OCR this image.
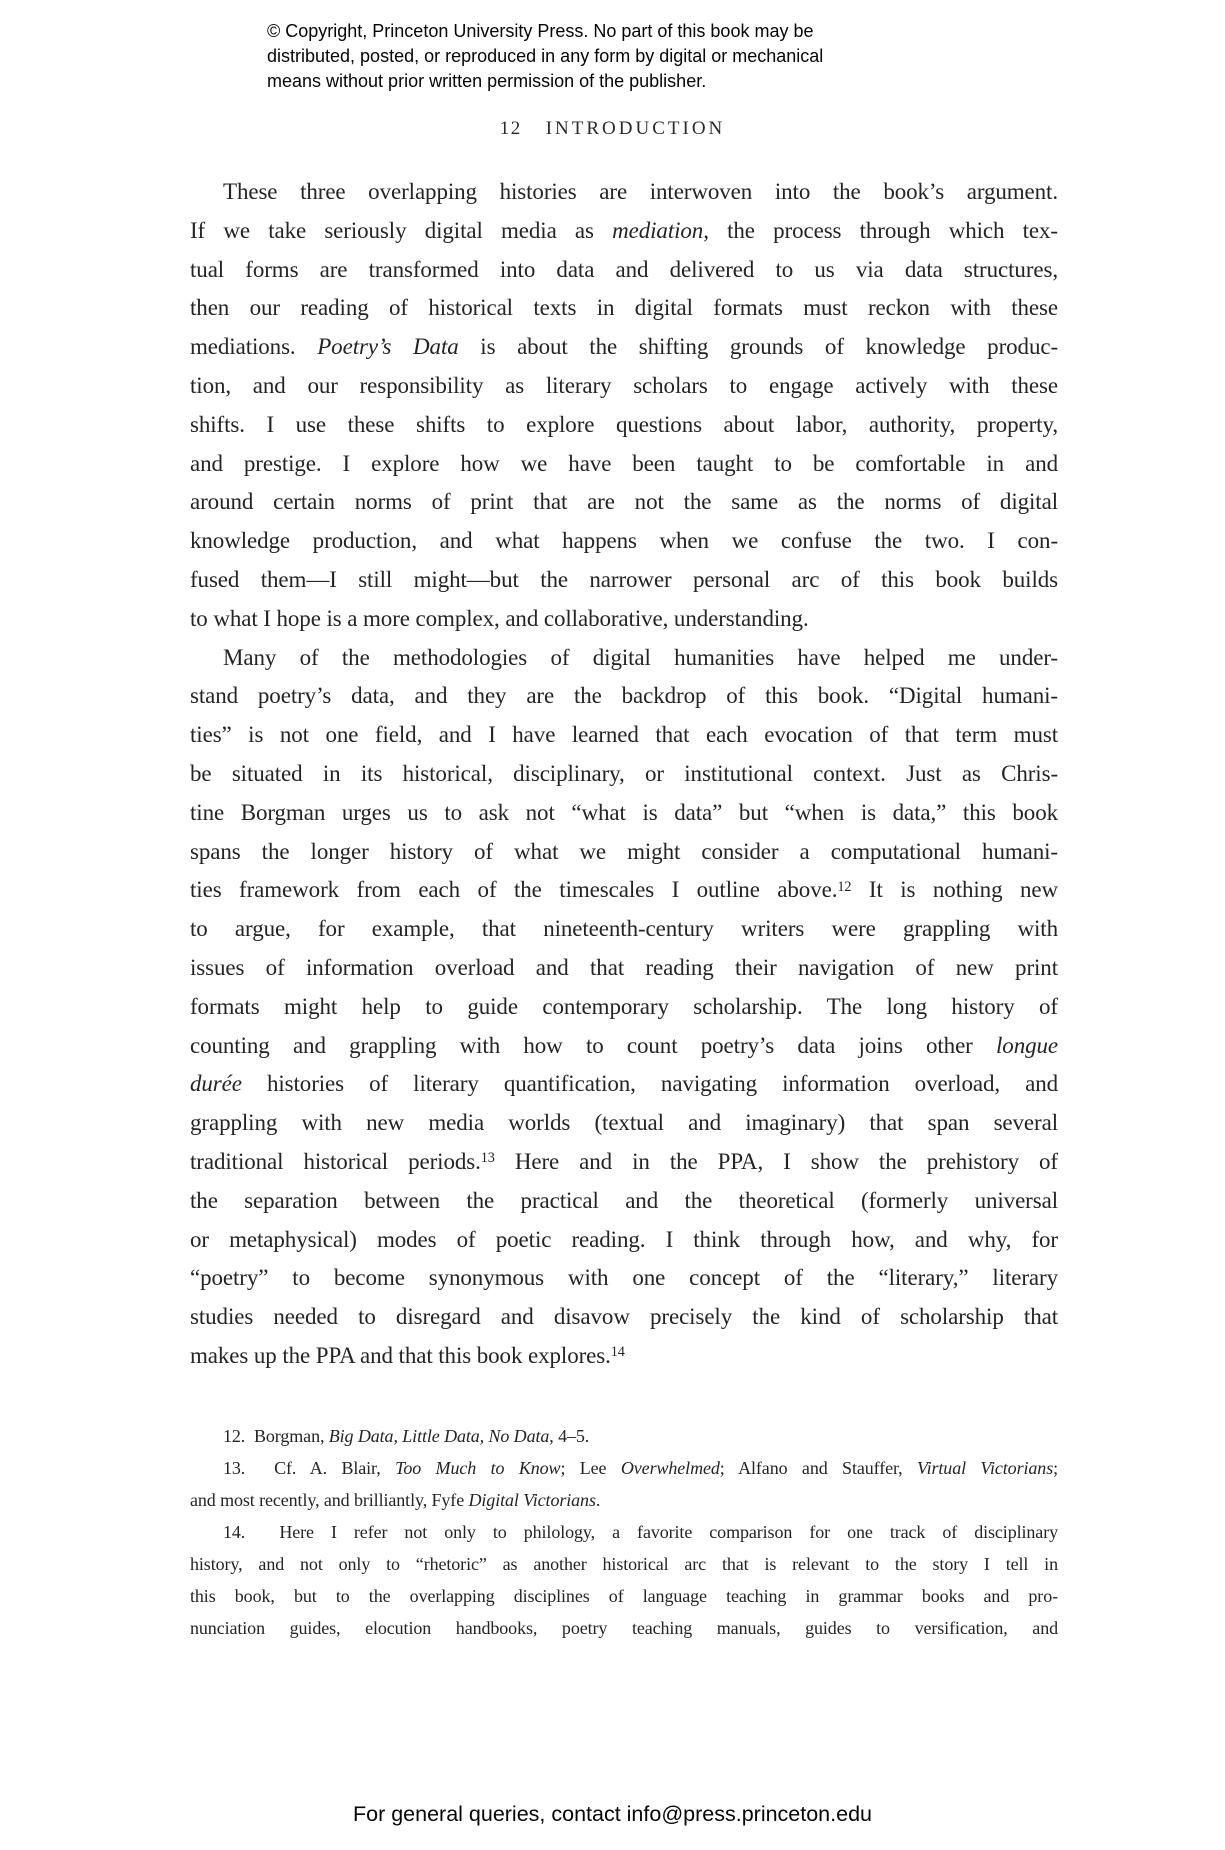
© Copyright, Princeton University Press. No part of this book may be
distributed, posted, or reproduced in any form by digital or mechanical
means without prior written permission of the publisher.
12 INTRODUCTION
These three overlapping histories are interwoven into the book’s argument.
If we take seriously digital media as mediation, the process through which tex-
tual forms are transformed into data and delivered to us via data structures,
then our reading of historical texts in digital formats must reckon with these
mediations. Poetry’s Data is about the shifting grounds of knowledge produc-
tion, and our responsibility as literary scholars to engage actively with these
shifts. I use these shifts to explore questions about labor, authority, property,
and prestige. I explore how we have been taught to be comfortable in and
around certain norms of print that are not the same as the norms of digital
knowledge production, and what happens when we confuse the two. I con-
fused them—I still might—but the narrower personal arc of this book builds
to what I hope is a more complex, and collaborative, understanding.
Many of the methodologies of digital humanities have helped me under-
stand poetry’s data, and they are the backdrop of this book. “Digital humani-
ties” is not one field, and I have learned that each evocation of that term must
be situated in its historical, disciplinary, or institutional context. Just as Chris-
tine Borgman urges us to ask not “what is data” but “when is data,” this book
spans the longer history of what we might consider a computational humani-
ties framework from each of the timescales I outline above.$^{12}$ It is nothing new
to argue, for example, that nineteenth-century writers were grappling with
issues of information overload and that reading their navigation of new print
formats might help to guide contemporary scholarship. The long history of
counting and grappling with how to count poetry’s data joins other longue
durée histories of literary quantification, navigating information overload, and
grappling with new media worlds (textual and imaginary) that span several
traditional historical periods.$^{13}$ Here and in the PPA, I show the prehistory of
the separation between the practical and the theoretical (formerly universal
or metaphysical) modes of poetic reading. I think through how, and why, for
“poetry” to become synonymous with one concept of the “literary,” literary
studies needed to disregard and disavow precisely the kind of scholarship that
makes up the PPA and that this book explores.$^{14}$
12.  Borgman, Big Data, Little Data, No Data, 4–5.
13.  Cf. A. Blair, Too Much to Know; Lee Overwhelmed; Alfano and Stauffer, Virtual Victorians;
and most recently, and brilliantly, Fyfe Digital Victorians.
14.  Here I refer not only to philology, a favorite comparison for one track of disciplinary
history, and not only to “rhetoric” as another historical arc that is relevant to the story I tell in
this book, but to the overlapping disciplines of language teaching in grammar books and pro-
nunciation guides, elocution handbooks, poetry teaching manuals, guides to versification, and
For general queries, contact info@press.princeton.edu
